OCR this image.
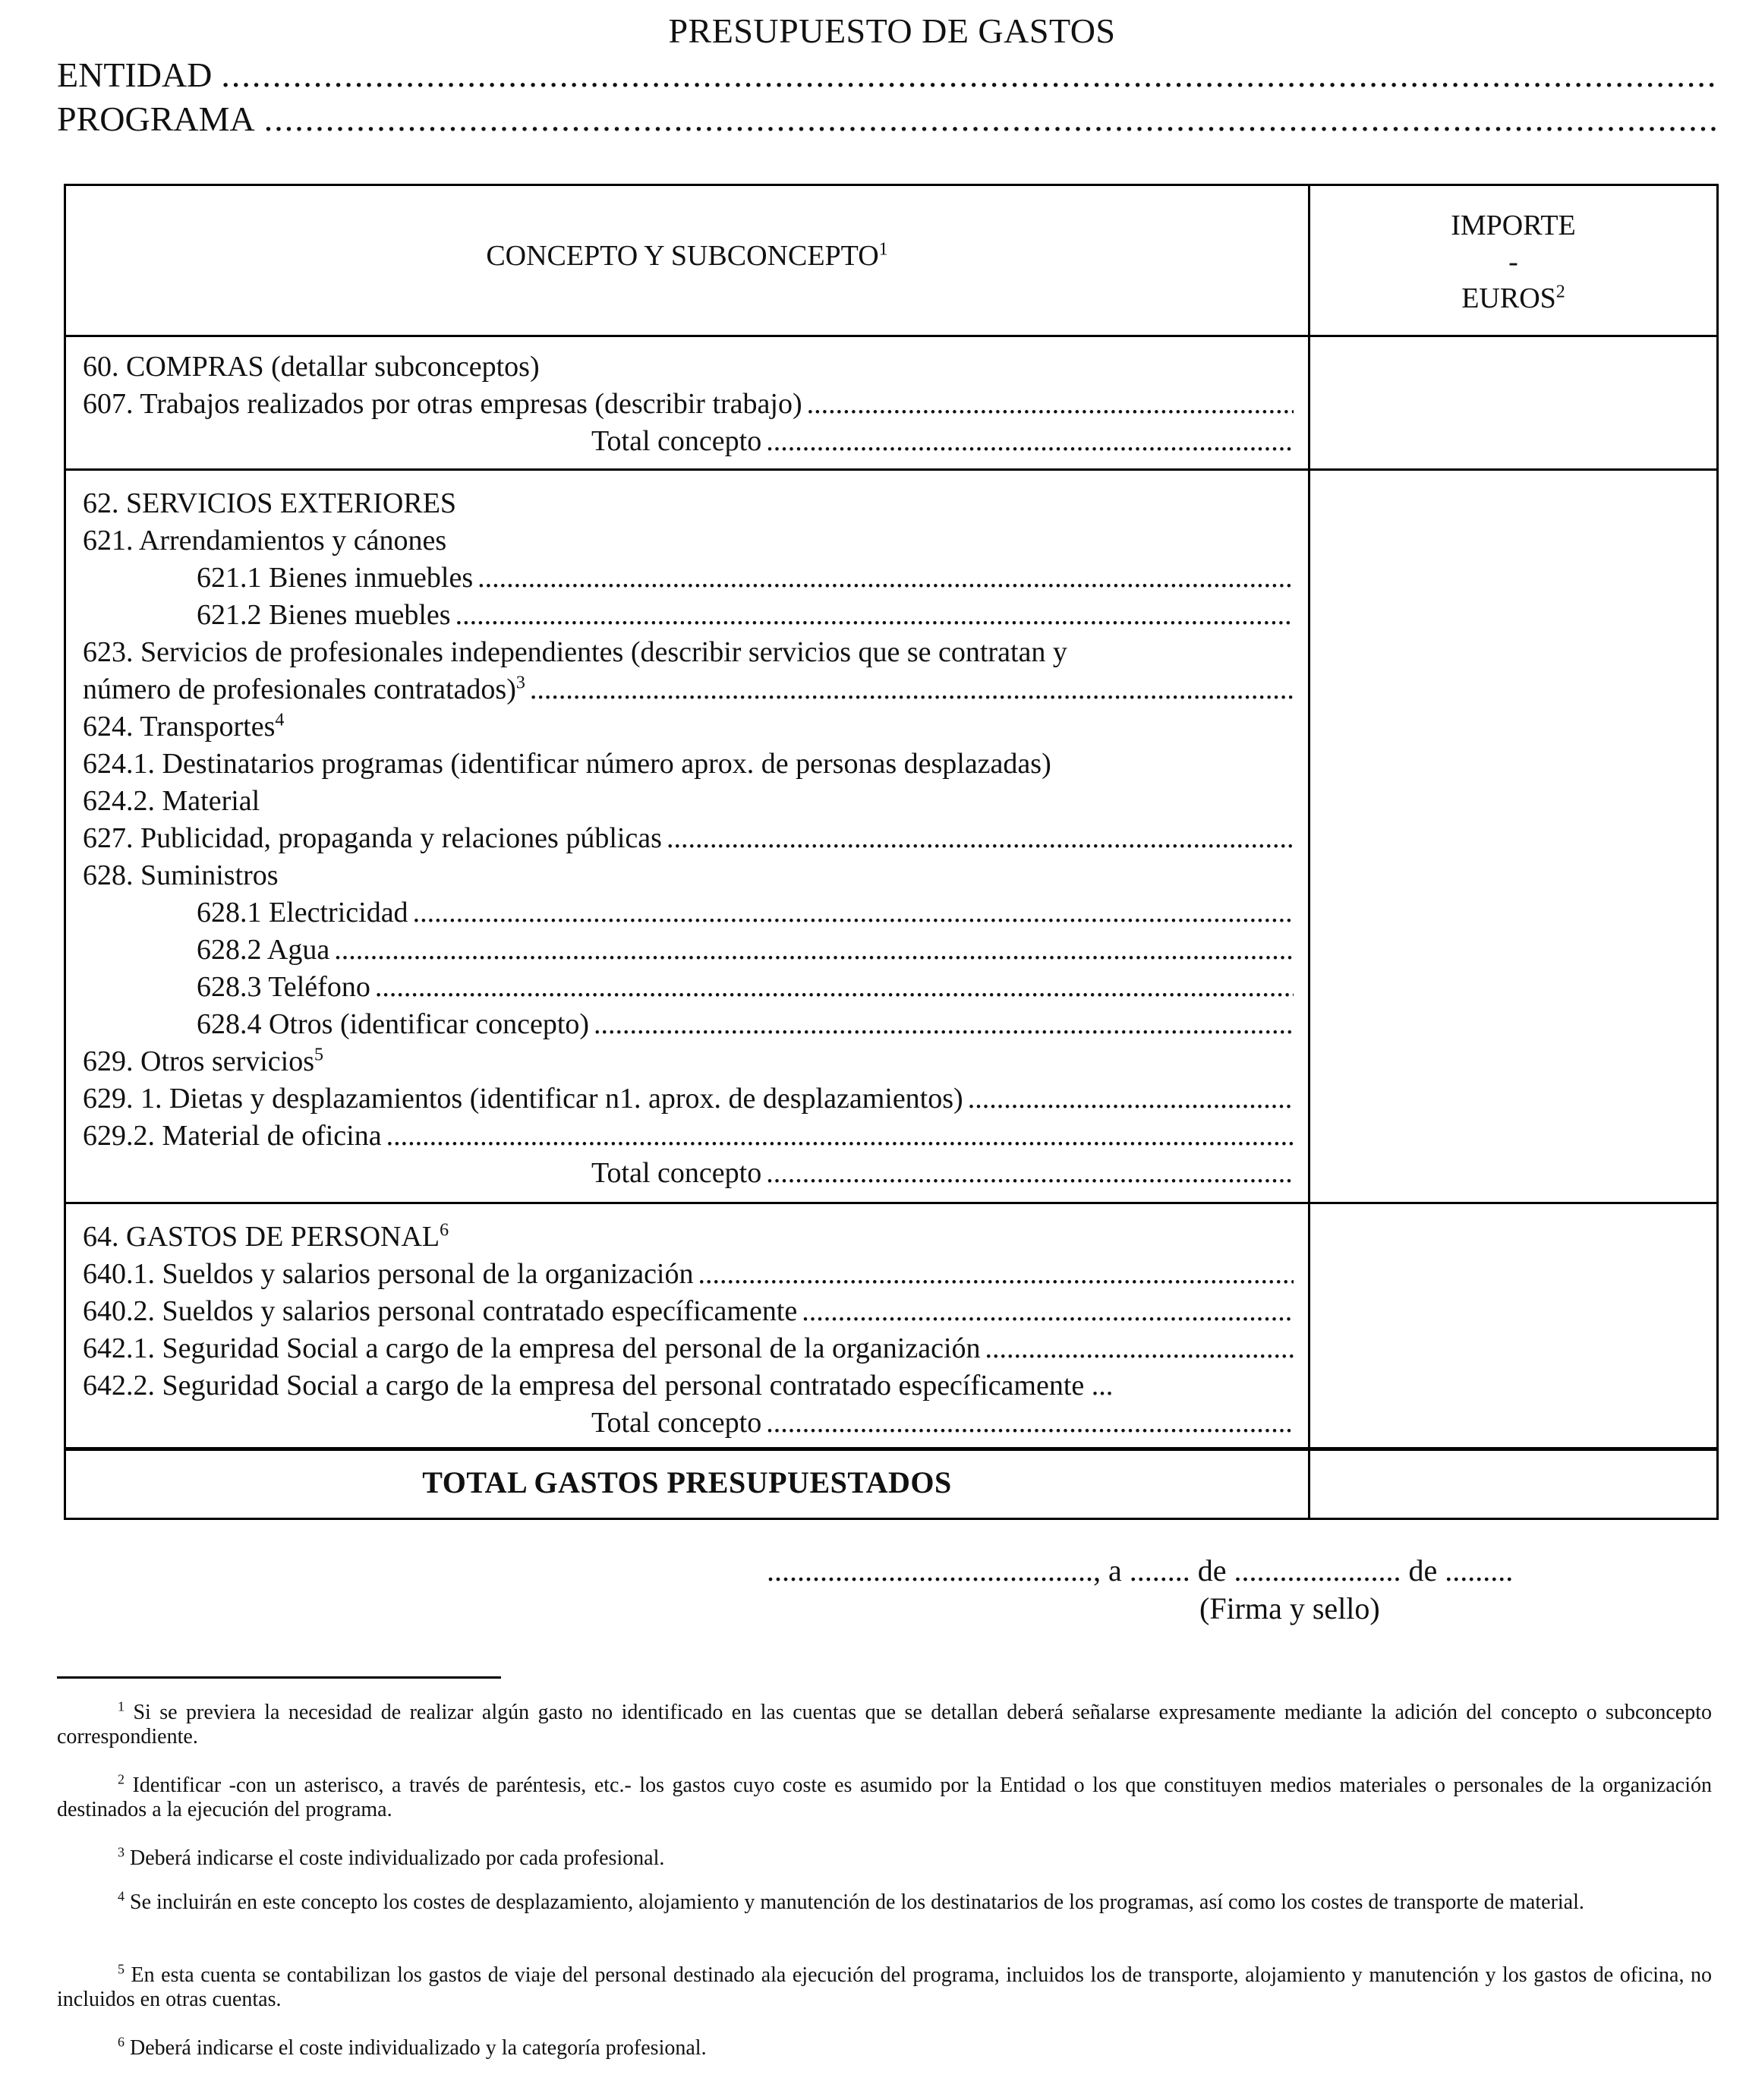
PRESUPUESTO DE GASTOS
ENTIDAD
.....
PROGRAMA
.....
CONCEPTO Y SUBCONCEPTO$^1$
IMPORTE
-
EUROS$^2$
60. COMPRAS (detallar subconceptos)
607. Trabajos realizados por otras empresas (describir trabajo)
.....
Total concepto
.....
62. SERVICIOS EXTERIORES
621. Arrendamientos y cánones
621.1 Bienes inmuebles
.....
621.2 Bienes muebles
.....
623. Servicios de profesionales independientes (describir servicios que se contratan y
número de profesionales contratados)$^3$
.....
624. Transportes$^4$
624.1. Destinatarios programas (identificar número aprox. de personas desplazadas)
624.2. Material
627. Publicidad, propaganda y relaciones públicas
.....
628. Suministros
628.1 Electricidad
.....
628.2 Agua
.....
628.3 Teléfono
.....
628.4 Otros (identificar concepto)
.....
629. Otros servicios$^5$
629. 1. Dietas y desplazamientos (identificar n1. aprox. de desplazamientos)
.....
629.2. Material de oficina
.....
Total concepto
.....
64. GASTOS DE PERSONAL$^6$
640.1. Sueldos y salarios personal de la organización
.....
640.2. Sueldos y salarios personal contratado específicamente
.....
642.1. Seguridad Social a cargo de la empresa del personal de la organización
.....
642.2. Seguridad Social a cargo de la empresa del personal contratado específicamente ...
Total concepto
.....
TOTAL GASTOS PRESUPUESTADOS
..........................................., a ........ de ...................... de .........
(Firma y sello)
$^1$ Si se previera la necesidad de realizar algún gasto no identificado en las cuentas que se detallan deberá señalarse expresamente mediante la adición del concepto o subconcepto correspondiente.
$^2$ Identificar -con un asterisco, a través de paréntesis, etc.- los gastos cuyo coste es asumido por la Entidad o los que constituyen medios materiales o personales de la organización destinados a la ejecución del programa.
$^3$ Deberá indicarse el coste individualizado por cada profesional.
$^4$ Se incluirán en este concepto los costes de desplazamiento, alojamiento y manutención de los destinatarios de los programas, así como los costes de transporte de material.
$^5$ En esta cuenta se contabilizan los gastos de viaje del personal destinado ala ejecución del programa, incluidos los de transporte, alojamiento y manutención y los gastos de oficina, no incluidos en otras cuentas.
$^6$ Deberá indicarse el coste individualizado y la categoría profesional.
